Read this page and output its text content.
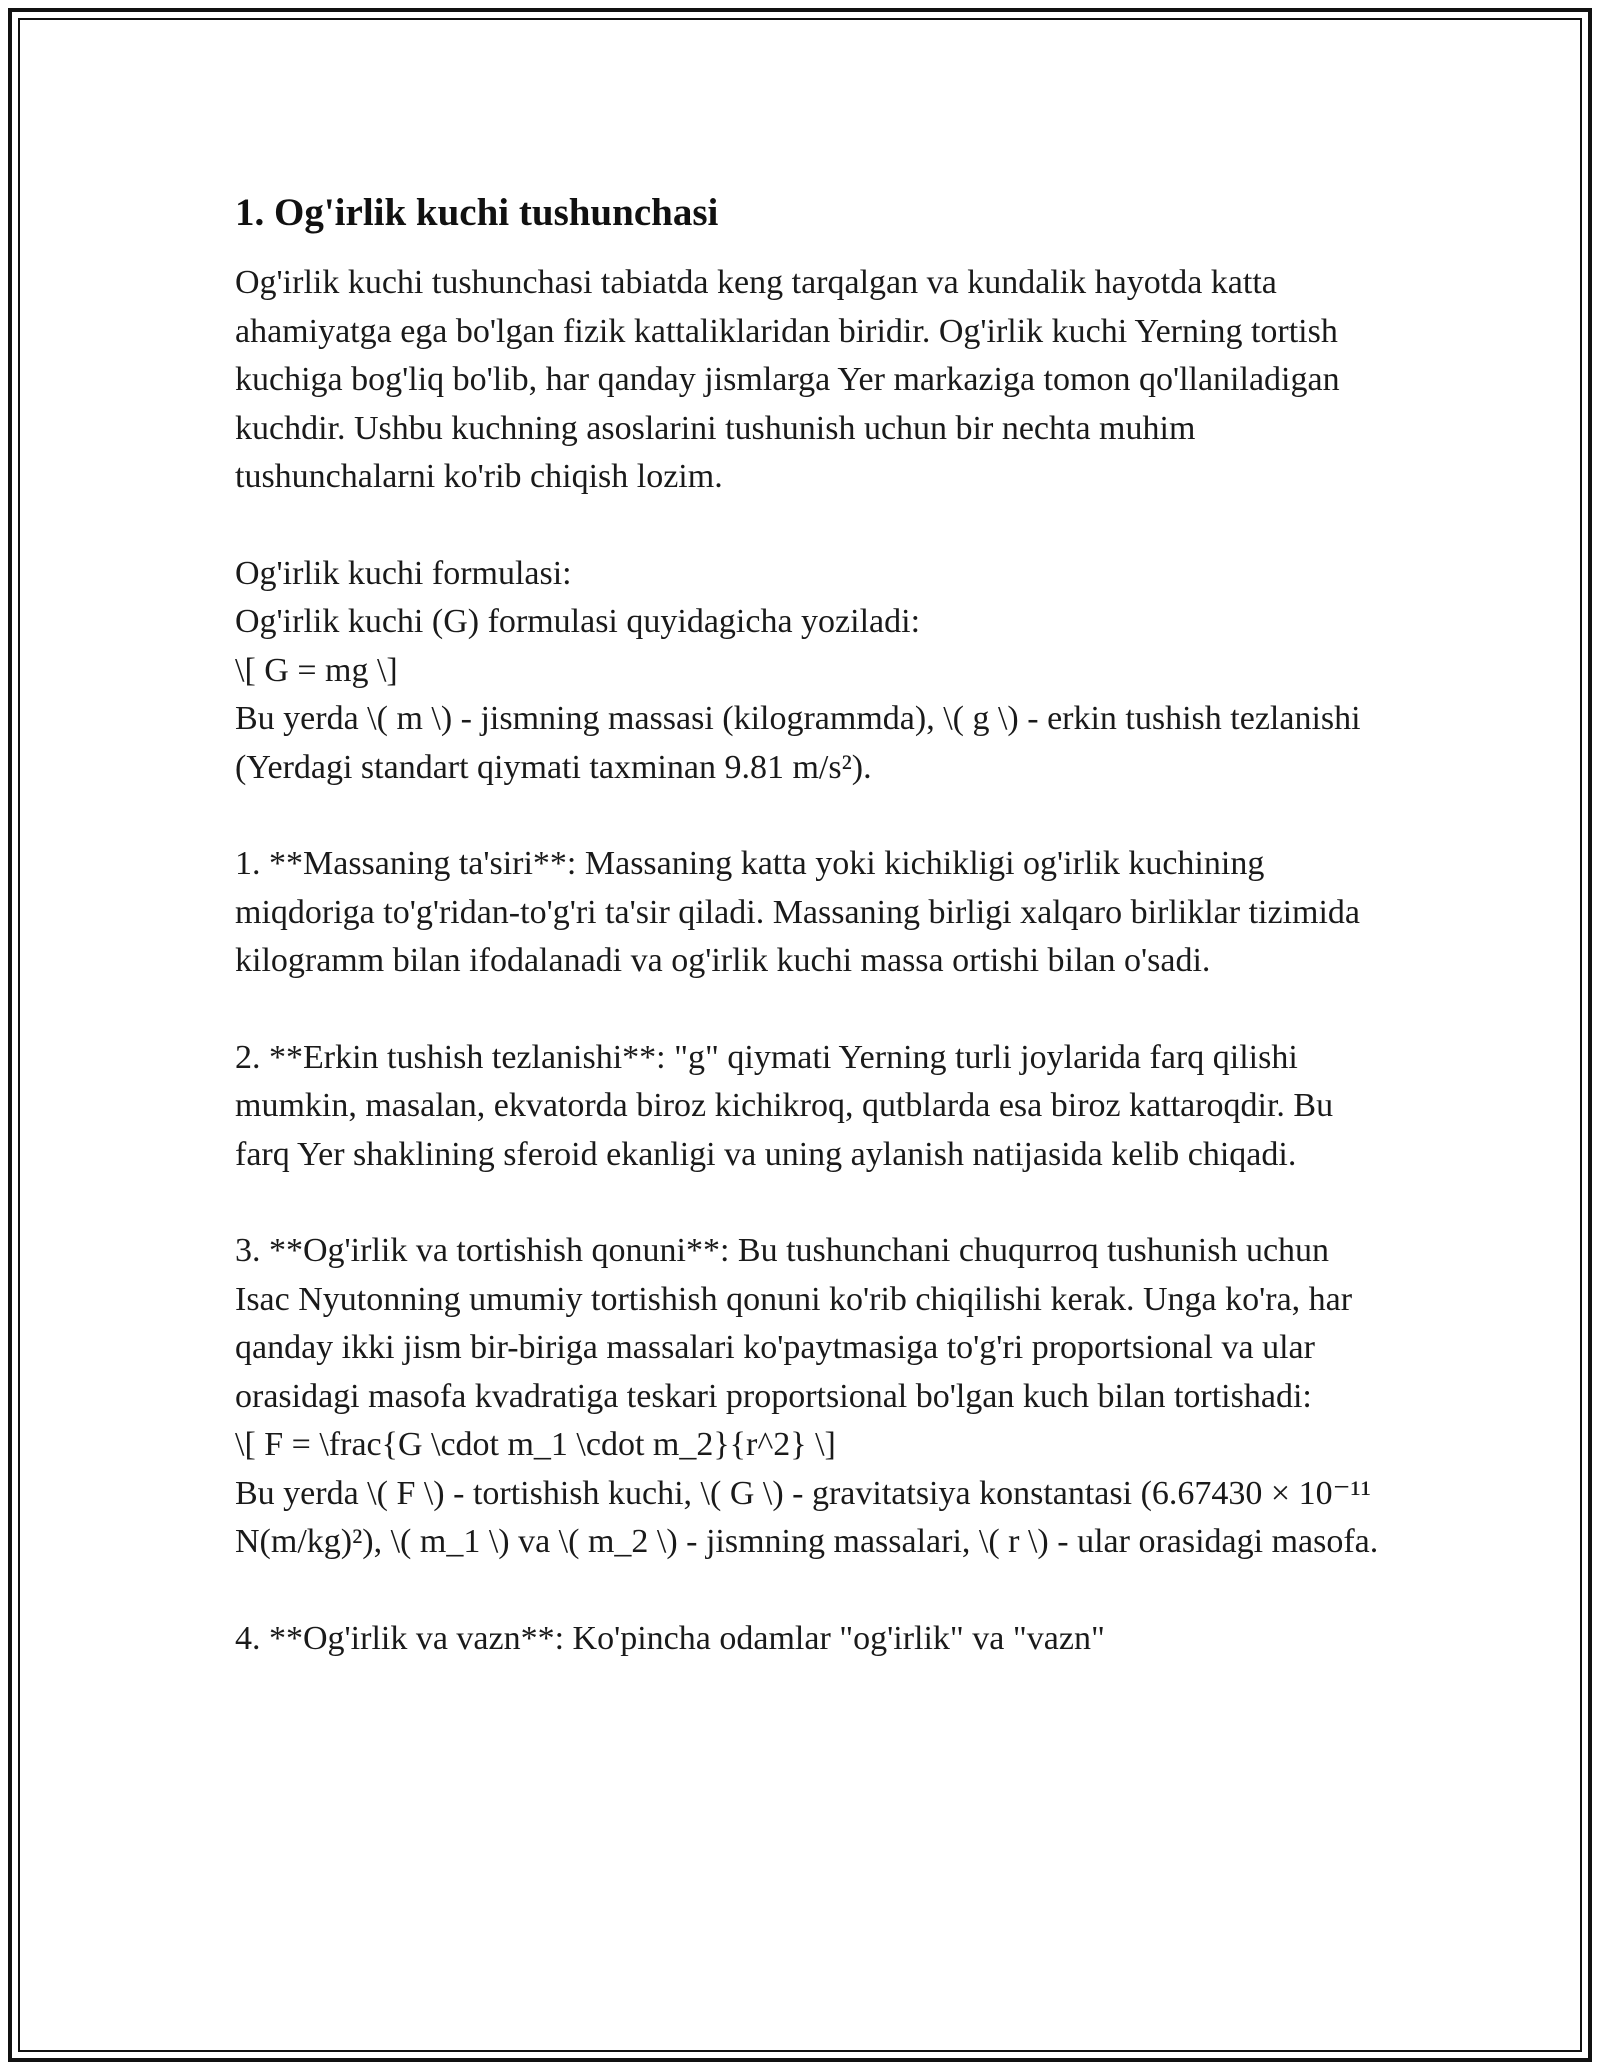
1. Og'irlik kuchi tushunchasi

Og'irlik kuchi tushunchasi tabiatda keng tarqalgan va kundalik hayotda katta ahamiyatga ega bo'lgan fizik kattaliklaridan biridir. Og'irlik kuchi Yerning tortish kuchiga bog'liq bo'lib, har qanday jismlarga Yer markaziga tomon qo'llaniladigan kuchdir. Ushbu kuchning asoslarini tushunish uchun bir nechta muhim tushunchalarni ko'rib chiqish lozim.

Og'irlik kuchi formulasi:
Og'irlik kuchi (G) formulasi quyidagicha yoziladi:
\[ G = mg \]
Bu yerda \( m \) - jismning massasi (kilogrammda), \( g \) - erkin tushish tezlanishi (Yerdagi standart qiymati taxminan 9.81 m/s²).

1. **Massaning ta'siri**: Massaning katta yoki kichikligi og'irlik kuchining miqdoriga to'g'ridan-to'g'ri ta'sir qiladi. Massaning birligi xalqaro birliklar tizimida kilogramm bilan ifodalanadi va og'irlik kuchi massa ortishi bilan o'sadi.

2. **Erkin tushish tezlanishi**: "g" qiymati Yerning turli joylarida farq qilishi mumkin, masalan, ekvatorda biroz kichikroq, qutblarda esa biroz kattaroqdir. Bu farq Yer shaklining sferoid ekanligi va uning aylanish natijasida kelib chiqadi.

3. **Og'irlik va tortishish qonuni**: Bu tushunchani chuqurroq tushunish uchun Isac Nyutonning umumiy tortishish qonuni ko'rib chiqilishi kerak. Unga ko'ra, har qanday ikki jism bir-biriga massalari ko'paytmasiga to'g'ri proportsional va ular orasidagi masofa kvadratiga teskari proportsional bo'lgan kuch bilan tortishadi:
\[ F = \frac{G \cdot m_1 \cdot m_2}{r^2} \]
Bu yerda \( F \) - tortishish kuchi, \( G \) - gravitatsiya konstantasi (6.67430 × 10⁻¹¹ N(m/kg)²), \( m_1 \) va \( m_2 \) - jismning massalari, \( r \) - ular orasidagi masofa.

4. **Og'irlik va vazn**: Ko'pincha odamlar "og'irlik" va "vazn"
